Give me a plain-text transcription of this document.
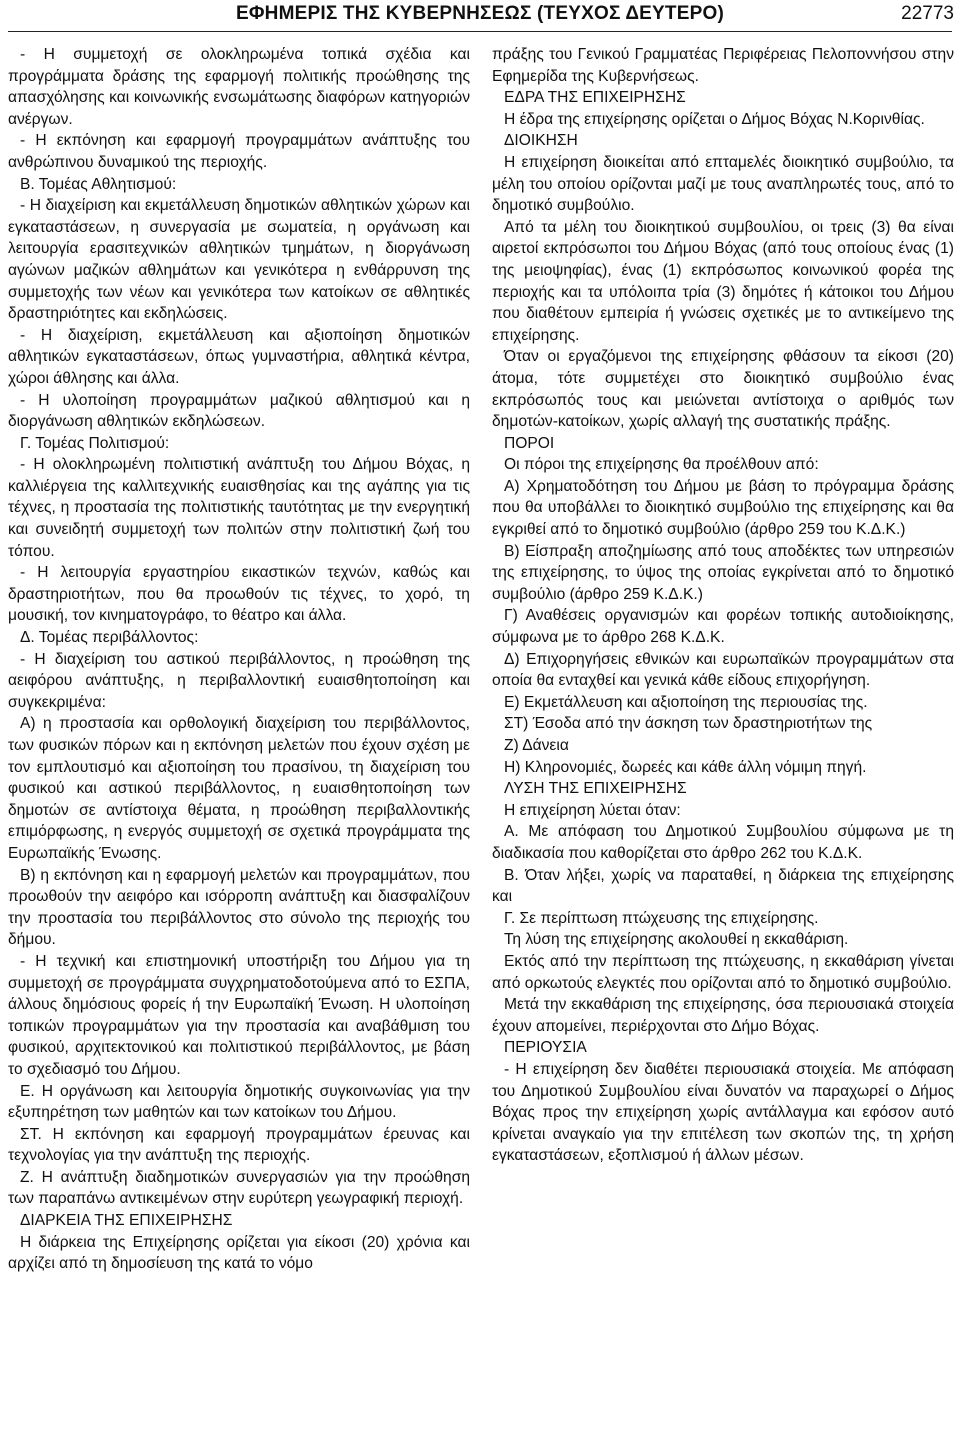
ΕΦΗΜΕΡΙΣ ΤΗΣ ΚΥΒΕΡΝΗΣΕΩΣ (ΤΕΥΧΟΣ ΔΕΥΤΕΡΟ)	22773

- Η συμμετοχή σε ολοκληρωμένα τοπικά σχέδια και προγράμματα δράσης της εφαρμογή πολιτικής προώθησης της απασχόλησης και κοινωνικής ενσωμάτωσης διαφόρων κατηγοριών ανέργων.

- Η εκπόνηση και εφαρμογή προγραμμάτων ανάπτυξης του ανθρώπινου δυναμικού της περιοχής.

Β. Τομέας Αθλητισμού:

- Η διαχείριση και εκμετάλλευση δημοτικών αθλητικών χώρων και εγκαταστάσεων, η συνεργασία με σωματεία, η οργάνωση και λειτουργία ερασιτεχνικών αθλητικών τμημάτων, η διοργάνωση αγώνων μαζικών αθλημάτων και γενικότερα η ενθάρρυνση της συμμετοχής των νέων και γενικότερα των κατοίκων σε αθλητικές δραστηριότητες και εκδηλώσεις.

- Η διαχείριση, εκμετάλλευση και αξιοποίηση δημοτικών αθλητικών εγκαταστάσεων, όπως γυμναστήρια, αθλητικά κέντρα, χώροι άθλησης και άλλα.

- Η υλοποίηση προγραμμάτων μαζικού αθλητισμού και η διοργάνωση αθλητικών εκδηλώσεων.

Γ. Τομέας Πολιτισμού:

- Η ολοκληρωμένη πολιτιστική ανάπτυξη του Δήμου Βόχας, η καλλιέργεια της καλλιτεχνικής ευαισθησίας και της αγάπης για τις τέχνες, η προστασία της πολιτιστικής ταυτότητας με την ενεργητική και συνειδητή συμμετοχή των πολιτών στην πολιτιστική ζωή του τόπου.

- Η λειτουργία εργαστηρίου εικαστικών τεχνών, καθώς και δραστηριοτήτων, που θα προωθούν τις τέχνες, το χορό, τη μουσική, τον κινηματογράφο, το θέατρο και άλλα.

Δ. Τομέας περιβάλλοντος:

- Η διαχείριση του αστικού περιβάλλοντος, η προώθηση της αειφόρου ανάπτυξης, η περιβαλλοντική ευαισθητοποίηση και συγκεκριμένα:

Α) η προστασία και ορθολογική διαχείριση του περιβάλλοντος, των φυσικών πόρων και η εκπόνηση μελετών που έχουν σχέση με τον εμπλουτισμό και αξιοποίηση του πρασίνου, τη διαχείριση του φυσικού και αστικού περιβάλλοντος, η ευαισθητοποίηση των δημοτών σε αντίστοιχα θέματα, η προώθηση περιβαλλοντικής επιμόρφωσης, η ενεργός συμμετοχή σε σχετικά προγράμματα της Ευρωπαϊκής Ένωσης.

Β) η εκπόνηση και η εφαρμογή μελετών και προγραμμάτων, που προωθούν την αειφόρο και ισόρροπη ανάπτυξη και διασφαλίζουν την προστασία του περιβάλλοντος στο σύνολο της περιοχής του δήμου.

- Η τεχνική και επιστημονική υποστήριξη του Δήμου για τη συμμετοχή σε προγράμματα συγχρηματοδοτούμενα από το ΕΣΠΑ, άλλους δημόσιους φορείς ή την Ευρωπαϊκή Ένωση. Η υλοποίηση τοπικών προγραμμάτων για την προστασία και αναβάθμιση του φυσικού, αρχιτεκτονικού και πολιτιστικού περιβάλλοντος, με βάση το σχεδιασμό του Δήμου.

Ε. Η οργάνωση και λειτουργία δημοτικής συγκοινωνίας για την εξυπηρέτηση των μαθητών και των κατοίκων του Δήμου.

ΣΤ. Η εκπόνηση και εφαρμογή προγραμμάτων έρευνας και τεχνολογίας για την ανάπτυξη της περιοχής.

Ζ. Η ανάπτυξη διαδημοτικών συνεργασιών για την προώθηση των παραπάνω αντικειμένων στην ευρύτερη γεωγραφική περιοχή.

ΔΙΑΡΚΕΙΑ ΤΗΣ ΕΠΙΧΕΙΡΗΣΗΣ

Η διάρκεια της Επιχείρησης ορίζεται για είκοσι (20) χρόνια και αρχίζει από τη δημοσίευση της κατά το νόμο

πράξης του Γενικού Γραμματέας Περιφέρειας Πελοποννήσου στην Εφημερίδα της Κυβερνήσεως.

ΕΔΡΑ ΤΗΣ ΕΠΙΧΕΙΡΗΣΗΣ

Η έδρα της επιχείρησης ορίζεται ο Δήμος Βόχας Ν.Κορινθίας.

ΔΙΟΙΚΗΣΗ

Η επιχείρηση διοικείται από επταμελές διοικητικό συμβούλιο, τα μέλη του οποίου ορίζονται μαζί με τους αναπληρωτές τους, από το δημοτικό συμβούλιο.

Από τα μέλη του διοικητικού συμβουλίου, οι τρεις (3) θα είναι αιρετοί εκπρόσωποι του Δήμου Βόχας (από τους οποίους ένας (1) της μειοψηφίας), ένας (1) εκπρόσωπος κοινωνικού φορέα της περιοχής και τα υπόλοιπα τρία (3) δημότες ή κάτοικοι του Δήμου που διαθέτουν εμπειρία ή γνώσεις σχετικές με το αντικείμενο της επιχείρησης.

Όταν οι εργαζόμενοι της επιχείρησης φθάσουν τα είκοσι (20) άτομα, τότε συμμετέχει στο διοικητικό συμβούλιο ένας εκπρόσωπός τους και μειώνεται αντίστοιχα ο αριθμός των δημοτών-κατοίκων, χωρίς αλλαγή της συστατικής πράξης.

ΠΟΡΟΙ

Οι πόροι της επιχείρησης θα προέλθουν από:

Α) Χρηματοδότηση του Δήμου με βάση το πρόγραμμα δράσης που θα υποβάλλει το διοικητικό συμβούλιο της επιχείρησης και θα εγκριθεί από το δημοτικό συμβούλιο (άρθρο 259 του Κ.Δ.Κ.)

Β) Είσπραξη αποζημίωσης από τους αποδέκτες των υπηρεσιών της επιχείρησης, το ύψος της οποίας εγκρίνεται από το δημοτικό συμβούλιο (άρθρο 259 Κ.Δ.Κ.)

Γ) Αναθέσεις οργανισμών και φορέων τοπικής αυτοδιοίκησης, σύμφωνα με το άρθρο 268 Κ.Δ.Κ.

Δ) Επιχορηγήσεις εθνικών και ευρωπαϊκών προγραμμάτων στα οποία θα ενταχθεί και γενικά κάθε είδους επιχορήγηση.

Ε) Εκμετάλλευση και αξιοποίηση της περιουσίας της.

ΣΤ) Έσοδα από την άσκηση των δραστηριοτήτων της

Ζ) Δάνεια

Η) Κληρονομιές, δωρεές και κάθε άλλη νόμιμη πηγή.

ΛΥΣΗ ΤΗΣ ΕΠΙΧΕΙΡΗΣΗΣ

Η επιχείρηση λύεται όταν:

Α. Με απόφαση του Δημοτικού Συμβουλίου σύμφωνα με τη διαδικασία που καθορίζεται στο άρθρο 262 του Κ.Δ.Κ.

Β. Όταν λήξει, χωρίς να παραταθεί, η διάρκεια της επιχείρησης και

Γ. Σε περίπτωση πτώχευσης της επιχείρησης.

Τη λύση της επιχείρησης ακολουθεί η εκκαθάριση.

Εκτός από την περίπτωση της πτώχευσης, η εκκαθάριση γίνεται από ορκωτούς ελεγκτές που ορίζονται από το δημοτικό συμβούλιο.

Μετά την εκκαθάριση της επιχείρησης, όσα περιουσιακά στοιχεία έχουν απομείνει, περιέρχονται στο Δήμο Βόχας.

ΠΕΡΙΟΥΣΙΑ

- Η επιχείρηση δεν διαθέτει περιουσιακά στοιχεία. Με απόφαση του Δημοτικού Συμβουλίου είναι δυνατόν να παραχωρεί ο Δήμος Βόχας προς την επιχείρηση χωρίς αντάλλαγμα και εφόσον αυτό κρίνεται αναγκαίο για την επιτέλεση των σκοπών της, τη χρήση εγκαταστάσεων, εξοπλισμού ή άλλων μέσων.
